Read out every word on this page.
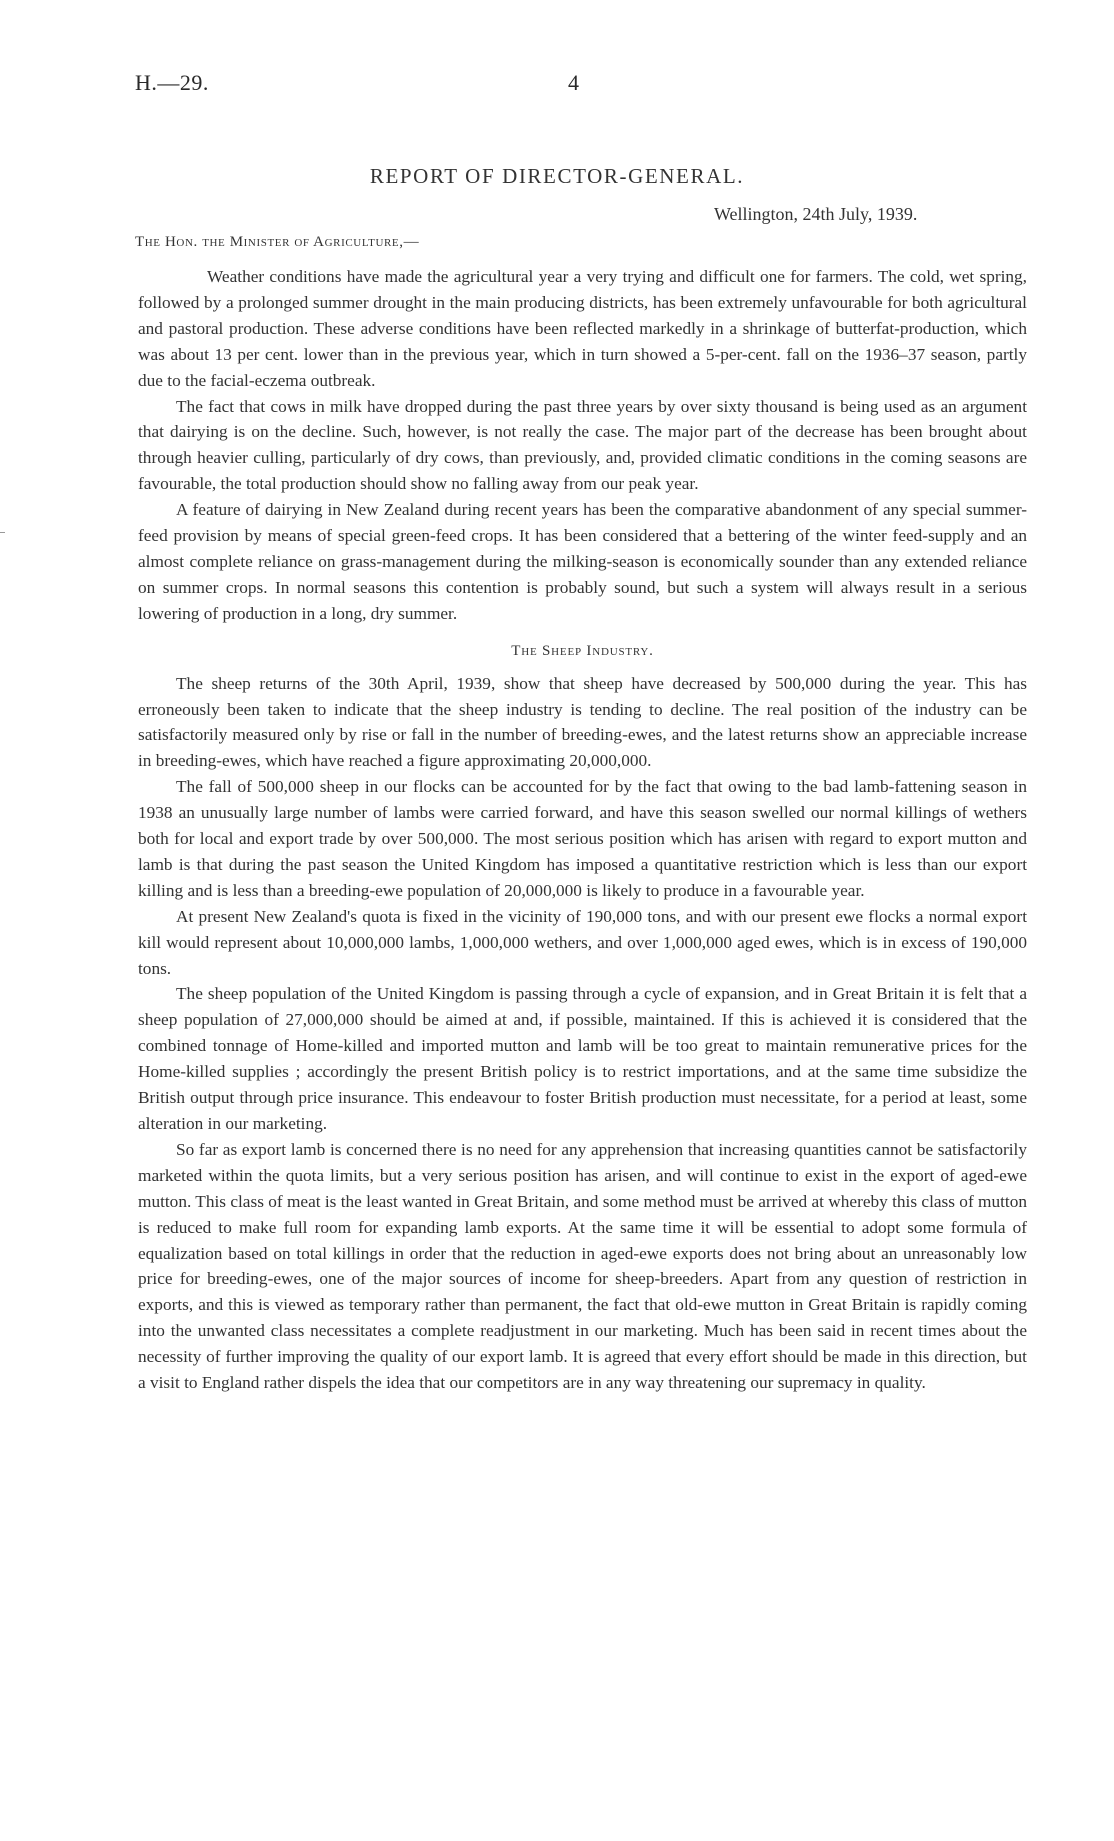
H.—29.	4
REPORT OF DIRECTOR-GENERAL.
Wellington, 24th July, 1939.
The Hon. the Minister of Agriculture,—

Weather conditions have made the agricultural year a very trying and difficult one for farmers. The cold, wet spring, followed by a prolonged summer drought in the main producing districts, has been extremely unfavourable for both agricultural and pastoral production. These adverse conditions have been reflected markedly in a shrinkage of butterfat-production, which was about 13 per cent. lower than in the previous year, which in turn showed a 5-per-cent. fall on the 1936–37 season, partly due to the facial-eczema outbreak.

The fact that cows in milk have dropped during the past three years by over sixty thousand is being used as an argument that dairying is on the decline. Such, however, is not really the case. The major part of the decrease has been brought about through heavier culling, particularly of dry cows, than previously, and, provided climatic conditions in the coming seasons are favourable, the total production should show no falling away from our peak year.

A feature of dairying in New Zealand during recent years has been the comparative abandonment of any special summer-feed provision by means of special green-feed crops. It has been considered that a bettering of the winter feed-supply and an almost complete reliance on grass-management during the milking-season is economically sounder than any extended reliance on summer crops. In normal seasons this contention is probably sound, but such a system will always result in a serious lowering of production in a long, dry summer.

The Sheep Industry.

The sheep returns of the 30th April, 1939, show that sheep have decreased by 500,000 during the year. This has erroneously been taken to indicate that the sheep industry is tending to decline. The real position of the industry can be satisfactorily measured only by rise or fall in the number of breeding-ewes, and the latest returns show an appreciable increase in breeding-ewes, which have reached a figure approximating 20,000,000.

The fall of 500,000 sheep in our flocks can be accounted for by the fact that owing to the bad lamb-fattening season in 1938 an unusually large number of lambs were carried forward, and have this season swelled our normal killings of wethers both for local and export trade by over 500,000. The most serious position which has arisen with regard to export mutton and lamb is that during the past season the United Kingdom has imposed a quantitative restriction which is less than our export killing and is less than a breeding-ewe population of 20,000,000 is likely to produce in a favourable year.

At present New Zealand's quota is fixed in the vicinity of 190,000 tons, and with our present ewe flocks a normal export kill would represent about 10,000,000 lambs, 1,000,000 wethers, and over 1,000,000 aged ewes, which is in excess of 190,000 tons.

The sheep population of the United Kingdom is passing through a cycle of expansion, and in Great Britain it is felt that a sheep population of 27,000,000 should be aimed at and, if possible, maintained. If this is achieved it is considered that the combined tonnage of Home-killed and imported mutton and lamb will be too great to maintain remunerative prices for the Home-killed supplies ; accordingly the present British policy is to restrict importations, and at the same time subsidize the British output through price insurance. This endeavour to foster British production must necessitate, for a period at least, some alteration in our marketing.

So far as export lamb is concerned there is no need for any apprehension that increasing quantities cannot be satisfactorily marketed within the quota limits, but a very serious position has arisen, and will continue to exist in the export of aged-ewe mutton. This class of meat is the least wanted in Great Britain, and some method must be arrived at whereby this class of mutton is reduced to make full room for expanding lamb exports. At the same time it will be essential to adopt some formula of equalization based on total killings in order that the reduction in aged-ewe exports does not bring about an unreasonably low price for breeding-ewes, one of the major sources of income for sheep-breeders. Apart from any question of restriction in exports, and this is viewed as temporary rather than permanent, the fact that old-ewe mutton in Great Britain is rapidly coming into the unwanted class necessitates a complete readjustment in our marketing. Much has been said in recent times about the necessity of further improving the quality of our export lamb. It is agreed that every effort should be made in this direction, but a visit to England rather dispels the idea that our competitors are in any way threatening our supremacy in quality.
